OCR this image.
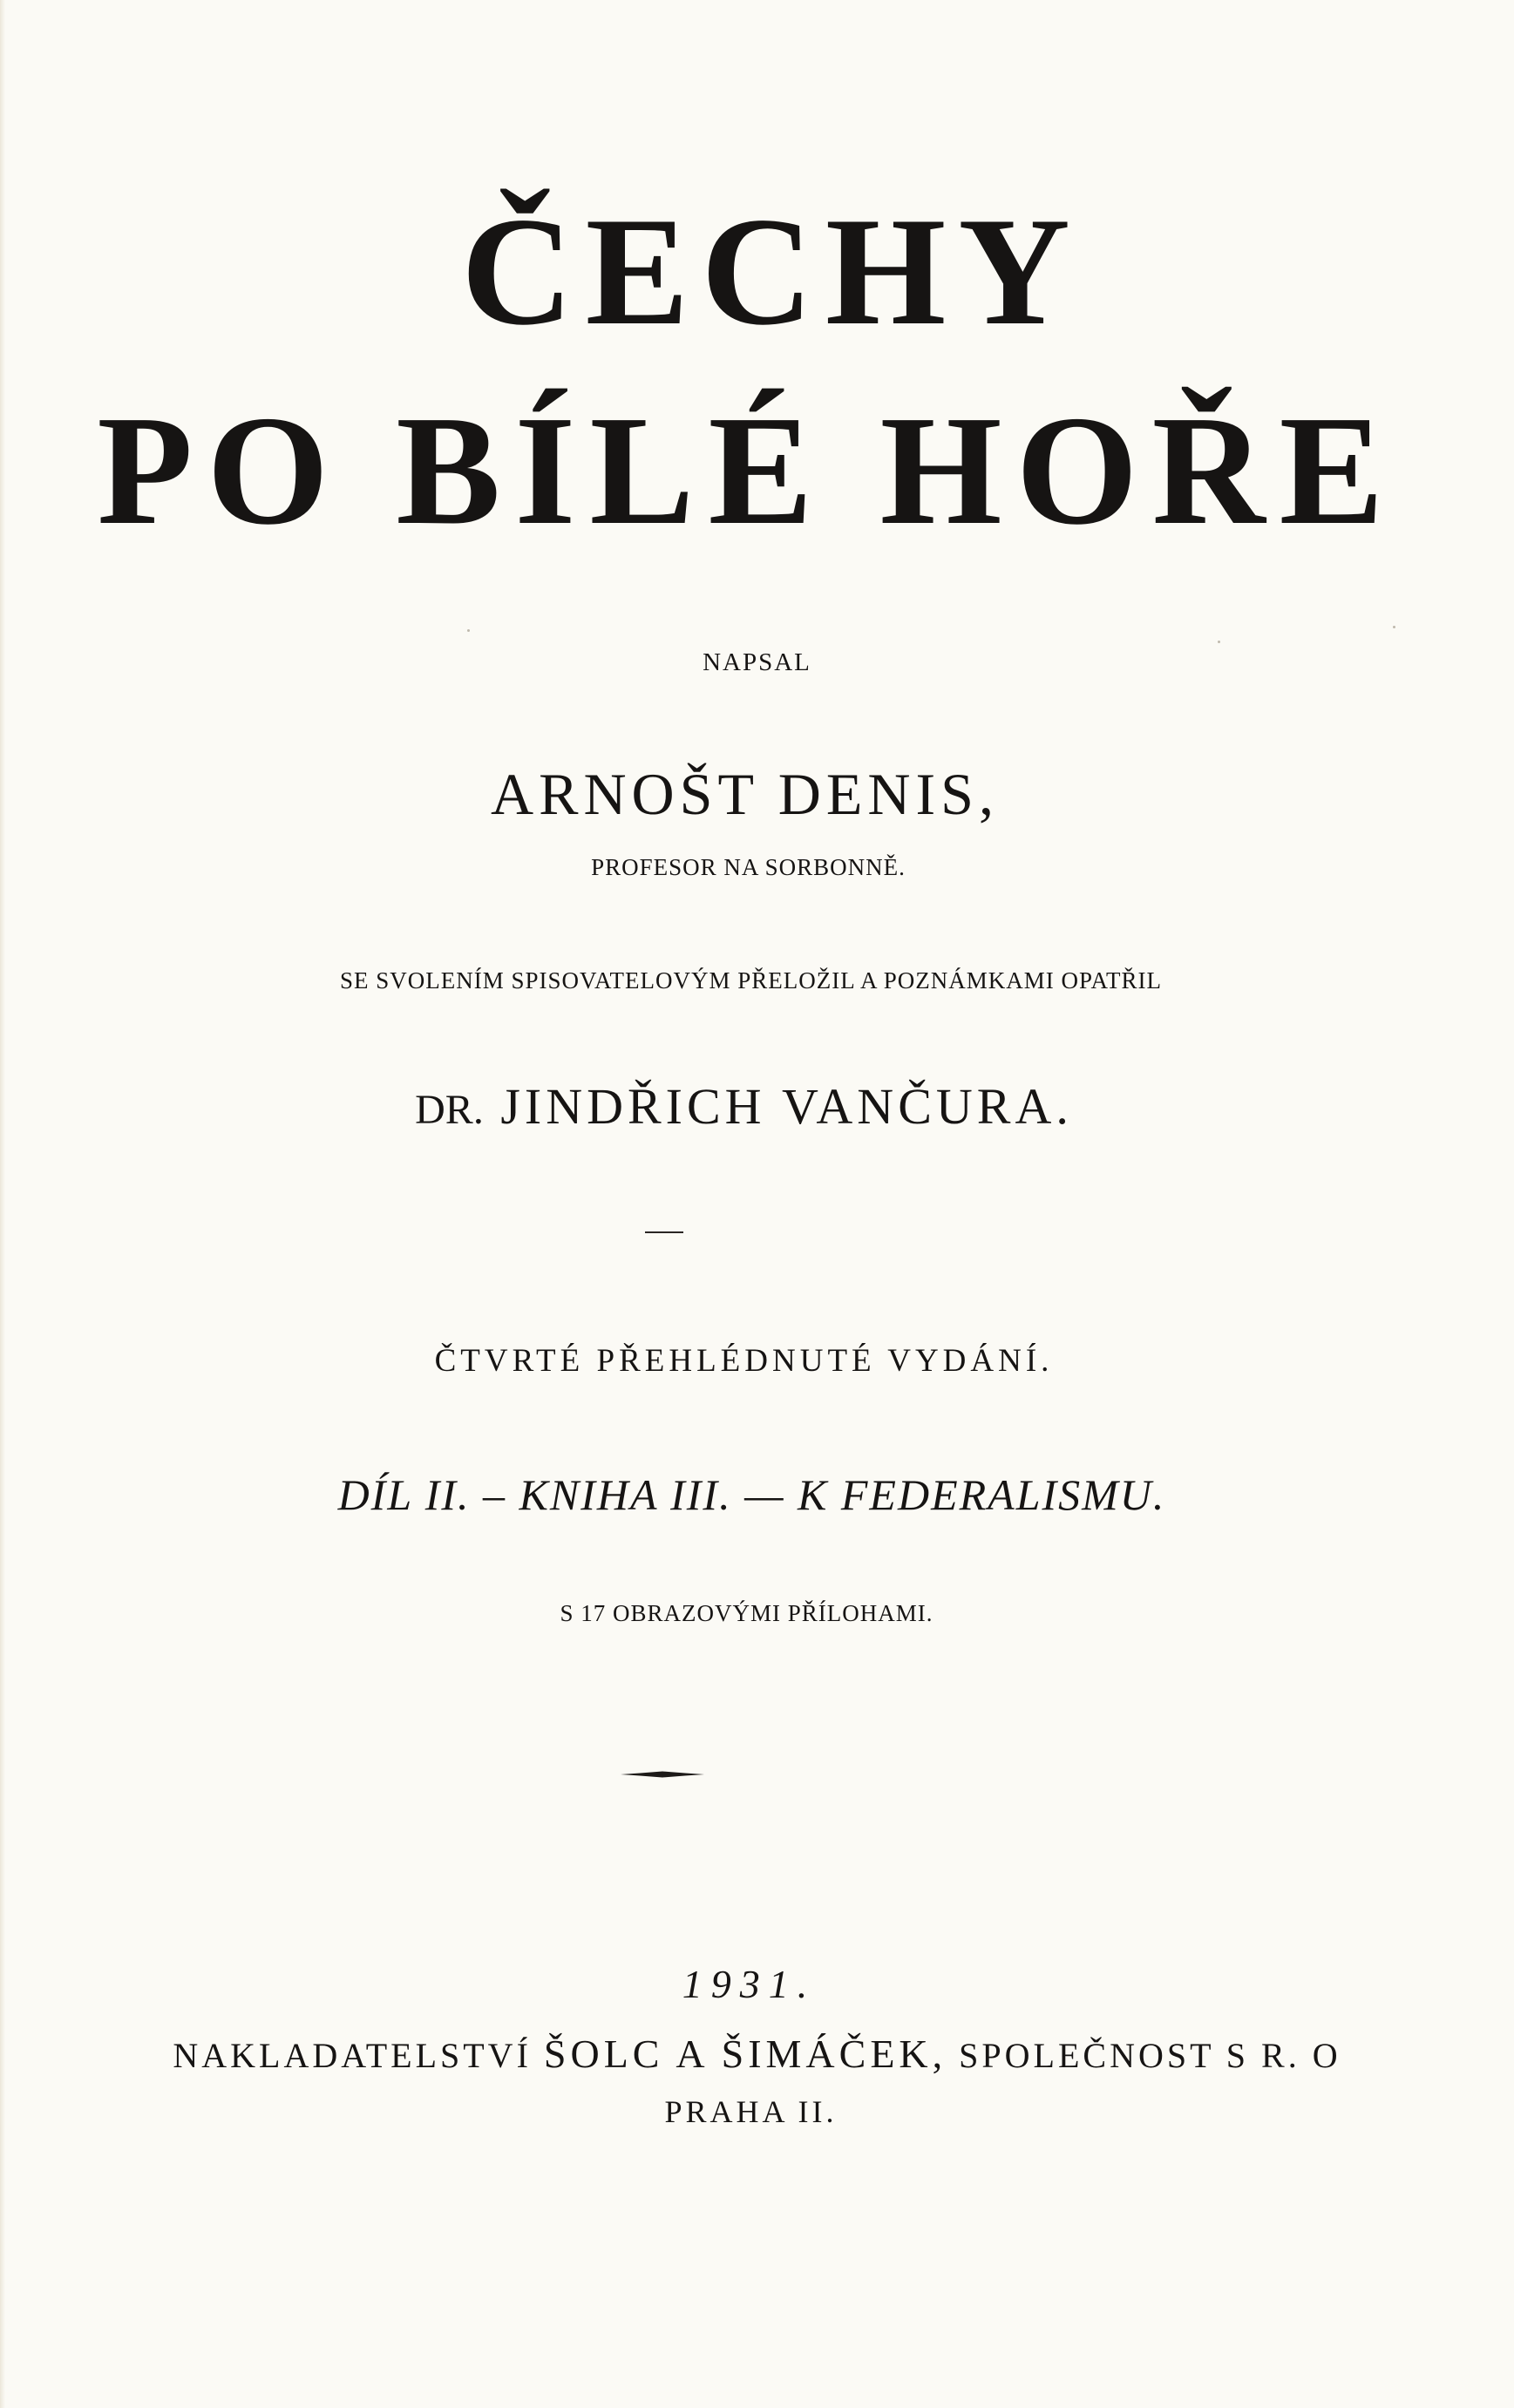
ČECHY
PO BÍLÉ HOŘE

NAPSAL

ARNOŠT DENIS,

PROFESOR NA SORBONNĚ.

SE SVOLENÍM SPISOVATELOVÝM PŘELOŽIL A POZNÁMKAMI OPATŘIL

DR. JINDŘICH VANČURA.

ČTVRTÉ PŘEHLÉDNUTÉ VYDÁNÍ.

DÍL II. – KNIHA III. — K FEDERALISMU.

S 17 OBRAZOVÝMI PŘÍLOHAMI.

1931.

NAKLADATELSTVÍ ŠOLC A ŠIMÁČEK, SPOLEČNOST S R. O

PRAHA II.
